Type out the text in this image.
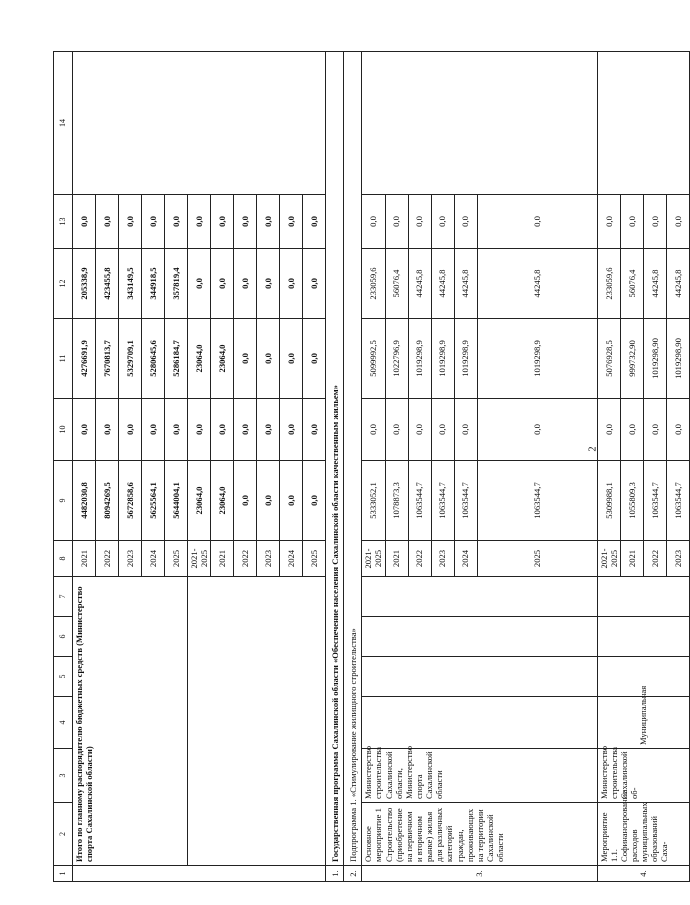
2
1	2	3	4	5	6	7	8	9	10	11	12	13	14
	Итого по главному распорядителю бюджетных средств (Министерство спорта Сахалинской области)						2021	4482030,8	0,0	4276691,9	205338,9	0,0	
							2022	8094269,5	0,0	7670813,7	423455,8	0,0	
							2023	5672858,6	0,0	5329709,1	343149,5	0,0	
							2024	5625564,1	0,0	5280645,6	344918,5	0,0	
							2025	5644004,1	0,0	5286184,7	357819,4	0,0	
							2021-2025	23064,0	0,0	23064,0	0,0	0,0	
							2021	23064,0	0,0	23064,0	0,0	0,0	
							2022	0,0	0,0	0,0	0,0	0,0	
							2023	0,0	0,0	0,0	0,0	0,0	
							2024	0,0	0,0	0,0	0,0	0,0	
							2025	0,0	0,0	0,0	0,0	0,0	
1.	Государственная программа Сахалинской области «Обеспечение населения Сахалинской области качественным жильем»												
2.	Подпрограмма 1. «Стимулирование жилищного строительства»												
3.	Основное мероприятие 1 Строительство (приобретение на первичном и вторичном рынке) жилья для различных категорий граждан, проживающих на территории Сахалинской области	Министерство строительства Сахалинской области, Министерство спорта Сахалинской области					2021-2025	5333052,1	0,0	5099992,5	233059,6	0,0	
							2021	1078873,3	0,0	1022796,9	56076,4	0,0	
							2022	1063544,7	0,0	1019298,9	44245,8	0,0	
							2023	1063544,7	0,0	1019298,9	44245,8	0,0	
							2024	1063544,7	0,0	1019298,9	44245,8	0,0	
							2025	1063544,7	0,0	1019298,9	44245,8	0,0	
4.	Мероприятие 1.1. Софинансирование расходов муниципальных образований Саха-	Министерство строительства Сахалинской об-	Муниципальная				2021-2025	5309988,1	0,0	5076928,5	233059,6	0,0	
							2021	1055809,3	0,0	999732,90	56076,4	0,0	
							2022	1063544,7	0,0	1019298,90	44245,8	0,0	
							2023	1063544,7	0,0	1019298,90	44245,8	0,0	
